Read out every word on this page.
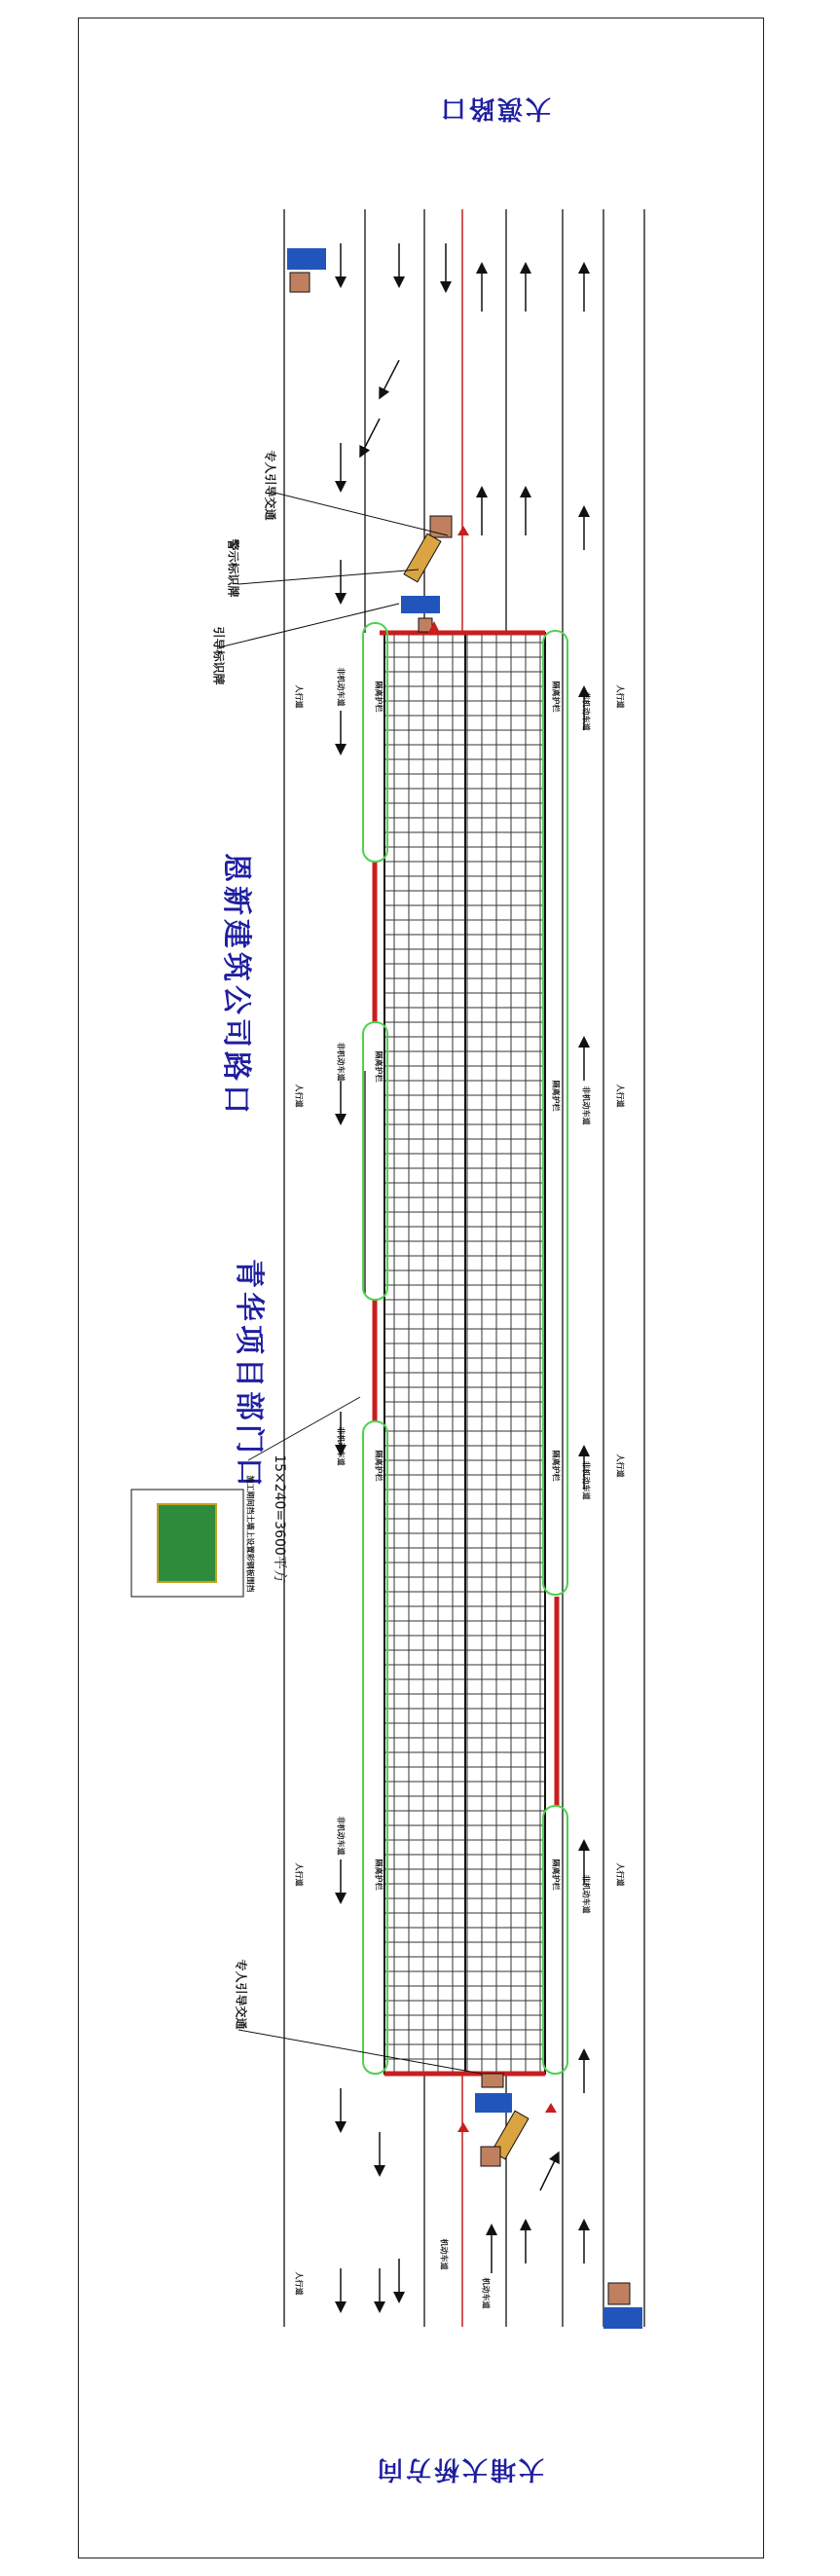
大漠路口
大埔大桥方向
恩新建筑公司路口
青华项目部门口
专人引导交通
警示标识牌
引导标识牌
专人引导交通
15×240=3600平方
施工期间挡土墙上设置彩钢板围挡
人行道
人行道
人行道
人行道
人行道
人行道
人行道
人行道
非机动车道
非机动车道
非机动车道
非机动车道
非机动车道
非机动车道
非机动车道
非机动车道
隔离护栏
隔离护栏
隔离护栏
隔离护栏
隔离护栏
隔离护栏
隔离护栏
隔离护栏
机动车道
机动车道
